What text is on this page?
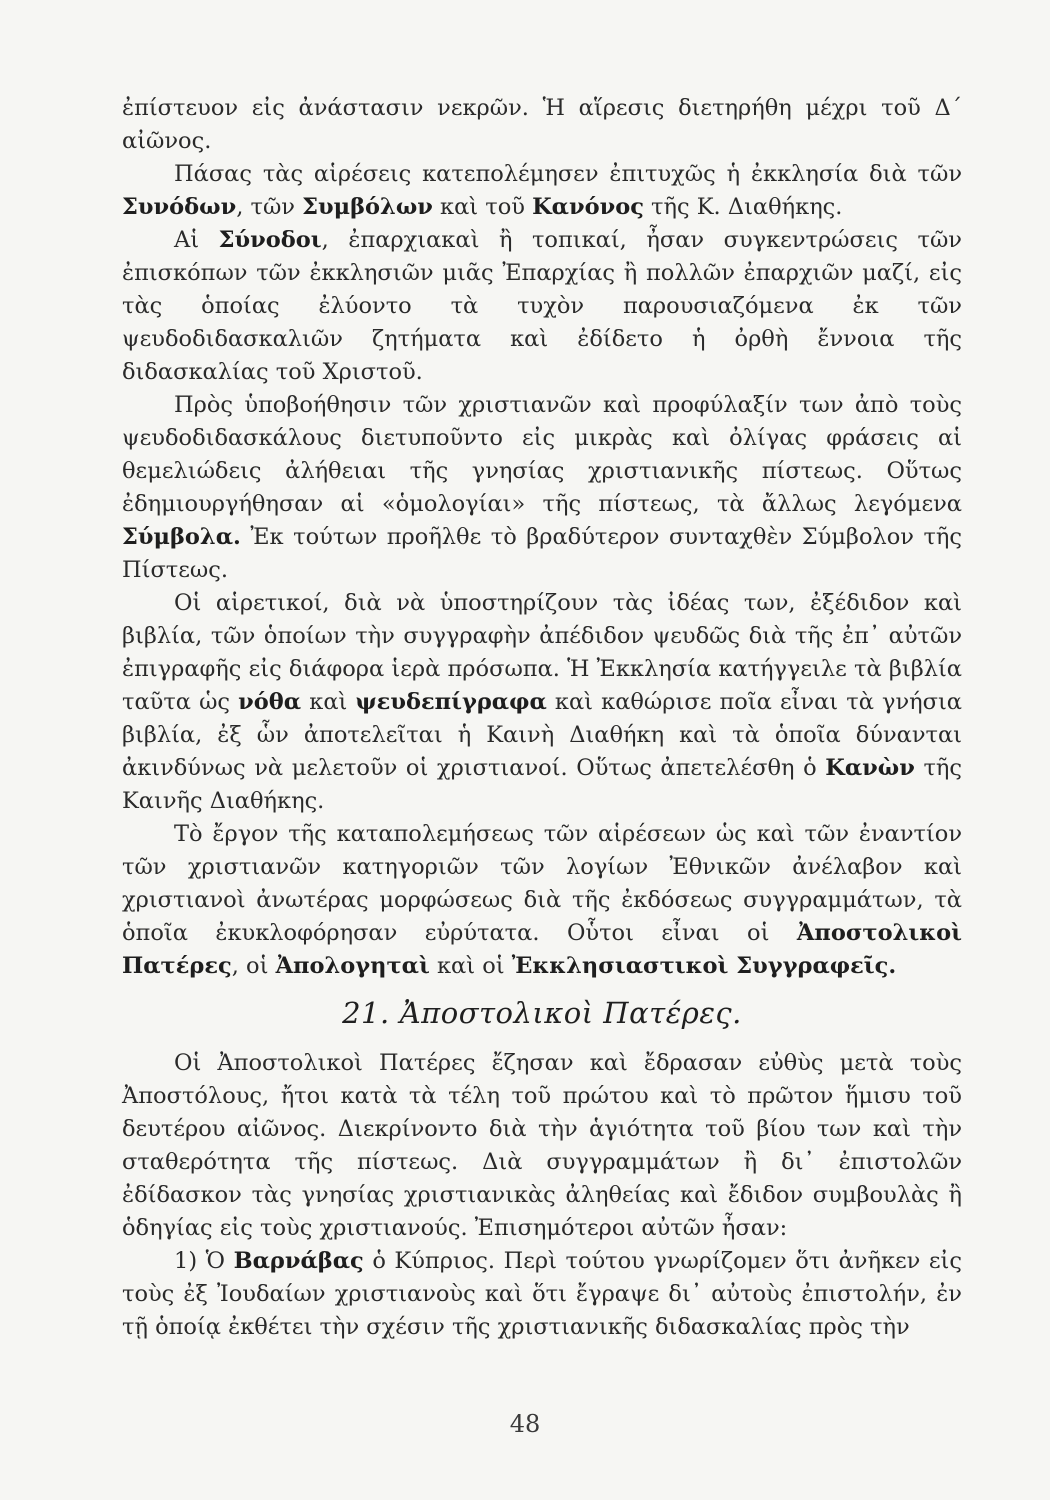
ἐπίστευον εἰς ἀνάστασιν νεκρῶν. Ἡ αἵρεσις διετηρήθη μέχρι τοῦ Δ΄ αἰῶνος.

Πάσας τὰς αἱρέσεις κατεπολέμησεν ἐπιτυχῶς ἡ ἐκκλησία διὰ τῶν Συνόδων, τῶν Συμβόλων καὶ τοῦ Κανόνος τῆς Κ. Διαθήκης.

Αἱ Σύνοδοι, ἐπαρχιακαὶ ἢ τοπικαί, ἦσαν συγκεντρώσεις τῶν ἐπισκόπων τῶν ἐκκλησιῶν μιᾶς Ἐπαρχίας ἢ πολλῶν ἐπαρχιῶν μαζί, εἰς τὰς ὁποίας ἐλύοντο τὰ τυχὸν παρουσιαζόμενα ἐκ τῶν ψευδοδιδασκαλιῶν ζητήματα καὶ ἐδίδετο ἡ ὀρθὴ ἔννοια τῆς διδασκαλίας τοῦ Χριστοῦ.

Πρὸς ὑποβοήθησιν τῶν χριστιανῶν καὶ προφύλαξίν των ἀπὸ τοὺς ψευδοδιδασκάλους διετυποῦντο εἰς μικρὰς καὶ ὀλίγας φράσεις αἱ θεμελιώδεις ἀλήθειαι τῆς γνησίας χριστιανικῆς πίστεως. Οὕτως ἐδημιουργήθησαν αἱ «ὁμολογίαι» τῆς πίστεως, τὰ ἄλλως λεγόμενα Σύμβολα. Ἐκ τούτων προῆλθε τὸ βραδύτερον συνταχθὲν Σύμβολον τῆς Πίστεως.

Οἱ αἱρετικοί, διὰ νὰ ὑποστηρίζουν τὰς ἰδέας των, ἐξέδιδον καὶ βιβλία, τῶν ὁποίων τὴν συγγραφὴν ἀπέδιδον ψευδῶς διὰ τῆς ἐπ᾿ αὐτῶν ἐπιγραφῆς εἰς διάφορα ἱερὰ πρόσωπα. Ἡ Ἐκκλησία κατήγγειλε τὰ βιβλία ταῦτα ὡς νόθα καὶ ψευδεπίγραφα καὶ καθώρισε ποῖα εἶναι τὰ γνήσια βιβλία, ἐξ ὧν ἀποτελεῖται ἡ Καινὴ Διαθήκη καὶ τὰ ὁποῖα δύνανται ἀκινδύνως νὰ μελετοῦν οἱ χριστιανοί. Οὕτως ἀπετελέσθη ὁ Κανὼν τῆς Καινῆς Διαθήκης.

Τὸ ἔργον τῆς καταπολεμήσεως τῶν αἱρέσεων ὡς καὶ τῶν ἐναντίον τῶν χριστιανῶν κατηγοριῶν τῶν λογίων Ἐθνικῶν ἀνέλαβον καὶ χριστιανοὶ ἀνωτέρας μορφώσεως διὰ τῆς ἐκδόσεως συγγραμμάτων, τὰ ὁποῖα ἐκυκλοφόρησαν εὐρύτατα. Οὗτοι εἶναι οἱ Ἀποστολικοὶ Πατέρες, οἱ Ἀπολογηταὶ καὶ οἱ Ἐκκλησιαστικοὶ Συγγραφεῖς.

21. Ἀποστολικοὶ Πατέρες.

Οἱ Ἀποστολικοὶ Πατέρες ἔζησαν καὶ ἔδρασαν εὐθὺς μετὰ τοὺς Ἀποστόλους, ἤτοι κατὰ τὰ τέλη τοῦ πρώτου καὶ τὸ πρῶτον ἥμισυ τοῦ δευτέρου αἰῶνος. Διεκρίνοντο διὰ τὴν ἁγιότητα τοῦ βίου των καὶ τὴν σταθερότητα τῆς πίστεως. Διὰ συγγραμμάτων ἢ δι᾿ ἐπιστολῶν ἐδίδασκον τὰς γνησίας χριστιανικὰς ἀληθείας καὶ ἔδιδον συμβουλὰς ἢ ὁδηγίας εἰς τοὺς χριστιανούς. Ἐπισημότεροι αὐτῶν ἦσαν:

1) Ὁ Βαρνάβας ὁ Κύπριος. Περὶ τούτου γνωρίζομεν ὅτι ἀνῆκεν εἰς τοὺς ἐξ Ἰουδαίων χριστιανοὺς καὶ ὅτι ἔγραψε δι᾿ αὐτοὺς ἐπιστολήν, ἐν τῇ ὁποίᾳ ἐκθέτει τὴν σχέσιν τῆς χριστιανικῆς διδασκαλίας πρὸς τὴν

48
